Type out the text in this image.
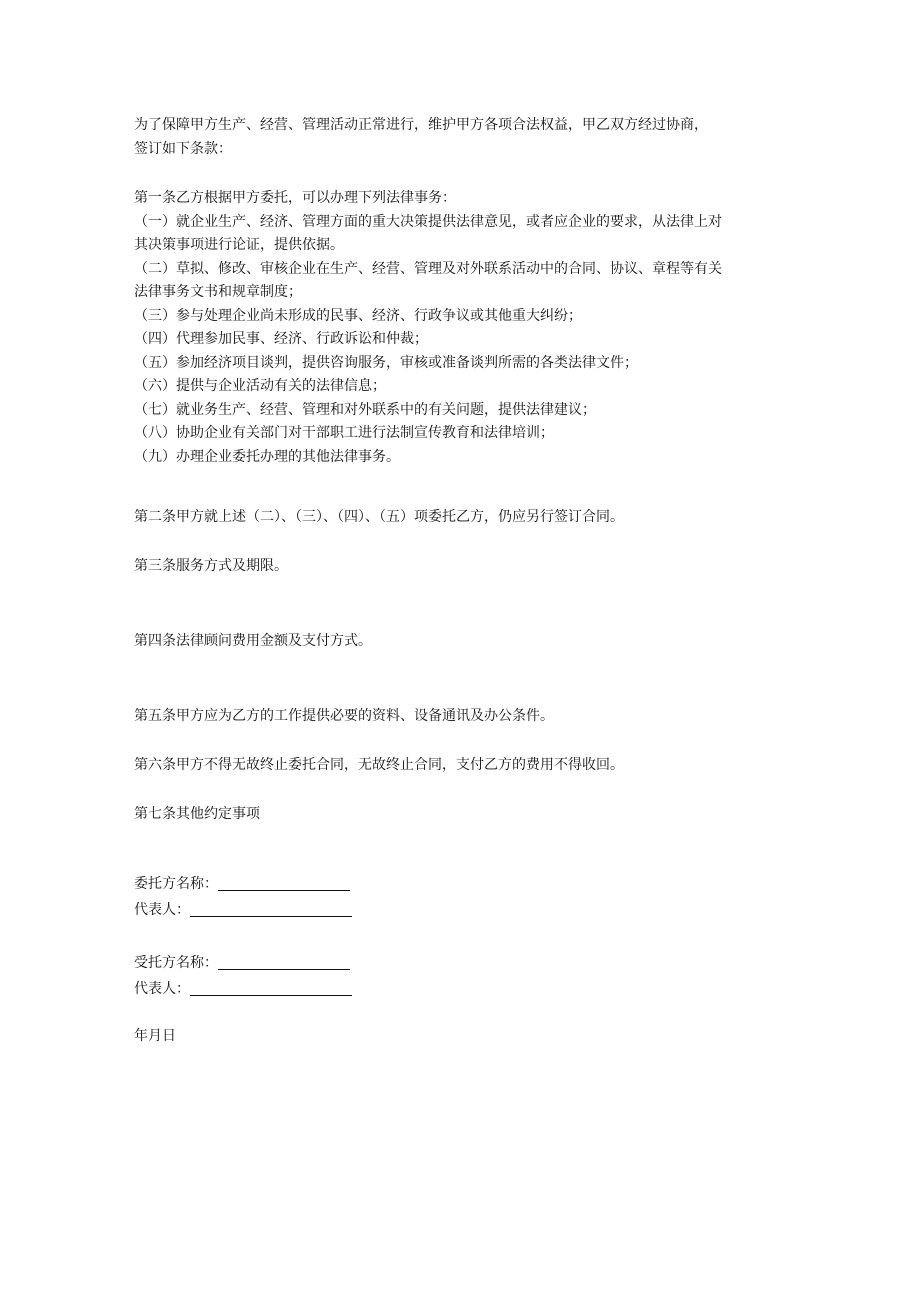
为了保障甲方生产、经营、管理活动正常进行，维护甲方各项合法权益，甲乙双方经过协商，
签订如下条款：
第一条乙方根据甲方委托，可以办理下列法律事务：
（一）就企业生产、经济、管理方面的重大决策提供法律意见，或者应企业的要求，从法律上对
其决策事项进行论证，提供依据。
（二）草拟、修改、审核企业在生产、经营、管理及对外联系活动中的合同、协议、章程等有关
法律事务文书和规章制度；
（三）参与处理企业尚未形成的民事、经济、行政争议或其他重大纠纷；
（四）代理参加民事、经济、行政诉讼和仲裁；
（五）参加经济项目谈判，提供咨询服务，审核或准备谈判所需的各类法律文件；
（六）提供与企业活动有关的法律信息；
（七）就业务生产、经营、管理和对外联系中的有关问题，提供法律建议；
（八）协助企业有关部门对干部职工进行法制宣传教育和法律培训；
（九）办理企业委托办理的其他法律事务。
第二条甲方就上述（二）、（三）、（四）、（五）项委托乙方，仍应另行签订合同。
第三条服务方式及期限。
第四条法律顾问费用金额及支付方式。
第五条甲方应为乙方的工作提供必要的资料、设备通讯及办公条件。
第六条甲方不得无故终止委托合同，无故终止合同，支付乙方的费用不得收回。
第七条其他约定事项
委托方名称：
代表人：
受托方名称：
代表人：
年月日
